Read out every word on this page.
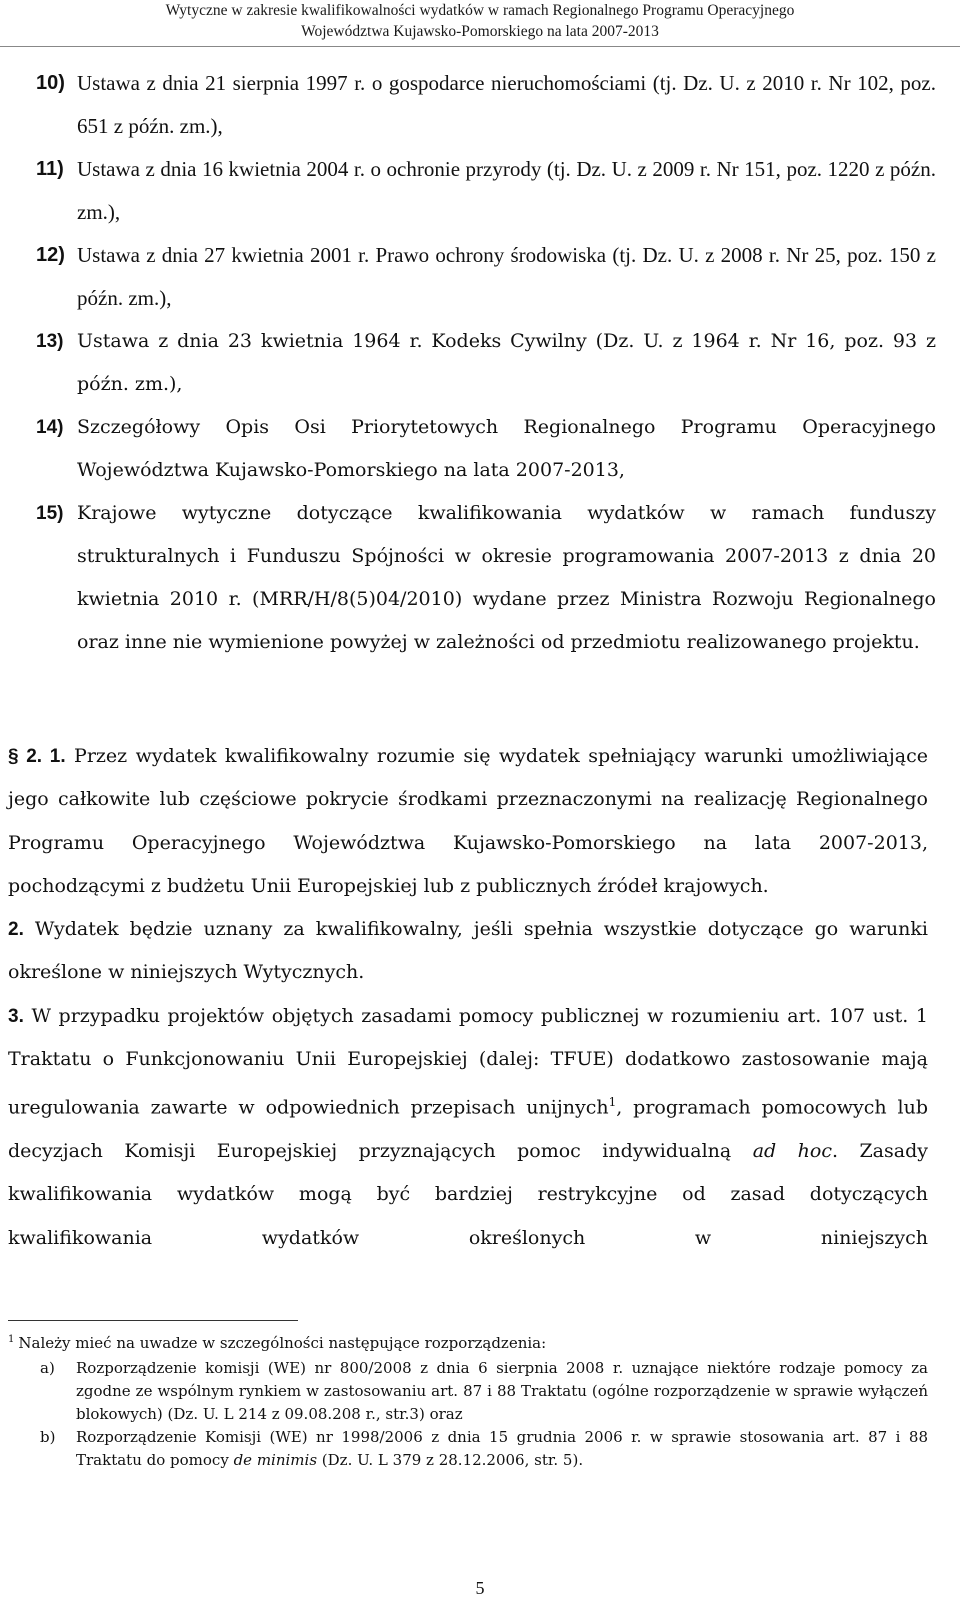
Wytyczne w zakresie kwalifikowalności wydatków w ramach Regionalnego Programu Operacyjnego
Województwa Kujawsko-Pomorskiego na lata 2007-2013
10) Ustawa z dnia 21 sierpnia 1997 r. o gospodarce nieruchomościami (tj. Dz. U. z 2010 r. Nr 102, poz. 651 z późn. zm.),
11) Ustawa z dnia 16 kwietnia 2004 r. o ochronie przyrody (tj. Dz. U. z 2009 r. Nr 151, poz. 1220 z późn. zm.),
12) Ustawa z dnia 27 kwietnia 2001 r. Prawo ochrony środowiska (tj. Dz. U. z 2008 r. Nr 25, poz. 150 z późn. zm.),
13) Ustawa z dnia 23 kwietnia 1964 r. Kodeks Cywilny (Dz. U. z 1964 r. Nr 16, poz. 93 z późn. zm.),
14) Szczegółowy Opis Osi Priorytetowych Regionalnego Programu Operacyjnego Województwa Kujawsko-Pomorskiego na lata 2007-2013,
15) Krajowe wytyczne dotyczące kwalifikowania wydatków w ramach funduszy strukturalnych i Funduszu Spójności w okresie programowania 2007-2013 z dnia 20 kwietnia 2010 r. (MRR/H/8(5)04/2010) wydane przez Ministra Rozwoju Regionalnego oraz inne nie wymienione powyżej w zależności od przedmiotu realizowanego projektu.

§ 2. 1. Przez wydatek kwalifikowalny rozumie się wydatek spełniający warunki umożliwiające jego całkowite lub częściowe pokrycie środkami przeznaczonymi na realizację Regionalnego Programu Operacyjnego Województwa Kujawsko-Pomorskiego na lata 2007-2013, pochodzącymi z budżetu Unii Europejskiej lub z publicznych źródeł krajowych.

2. Wydatek będzie uznany za kwalifikowalny, jeśli spełnia wszystkie dotyczące go warunki określone w niniejszych Wytycznych.

3. W przypadku projektów objętych zasadami pomocy publicznej w rozumieniu art. 107 ust. 1 Traktatu o Funkcjonowaniu Unii Europejskiej (dalej: TFUE) dodatkowo zastosowanie mają uregulowania zawarte w odpowiednich przepisach unijnych$^1$, programach pomocowych lub decyzjach Komisji Europejskiej przyznających pomoc indywidualną ad hoc. Zasady kwalifikowania wydatków mogą być bardziej restrykcyjne od zasad dotyczących kwalifikowania wydatków określonych w niniejszych

$^1$ Należy mieć na uwadze w szczególności następujące rozporządzenia:

a) Rozporządzenie komisji (WE) nr 800/2008 z dnia 6 sierpnia 2008 r. uznające niektóre rodzaje pomocy za zgodne ze wspólnym rynkiem w zastosowaniu art. 87 i 88 Traktatu (ogólne rozporządzenie w sprawie wyłączeń blokowych) (Dz. U. L 214 z 09.08.208 r., str.3) oraz

b) Rozporządzenie Komisji (WE) nr 1998/2006 z dnia 15 grudnia 2006 r. w sprawie stosowania art. 87 i 88 Traktatu do pomocy de minimis (Dz. U. L 379 z 28.12.2006, str. 5).

5
